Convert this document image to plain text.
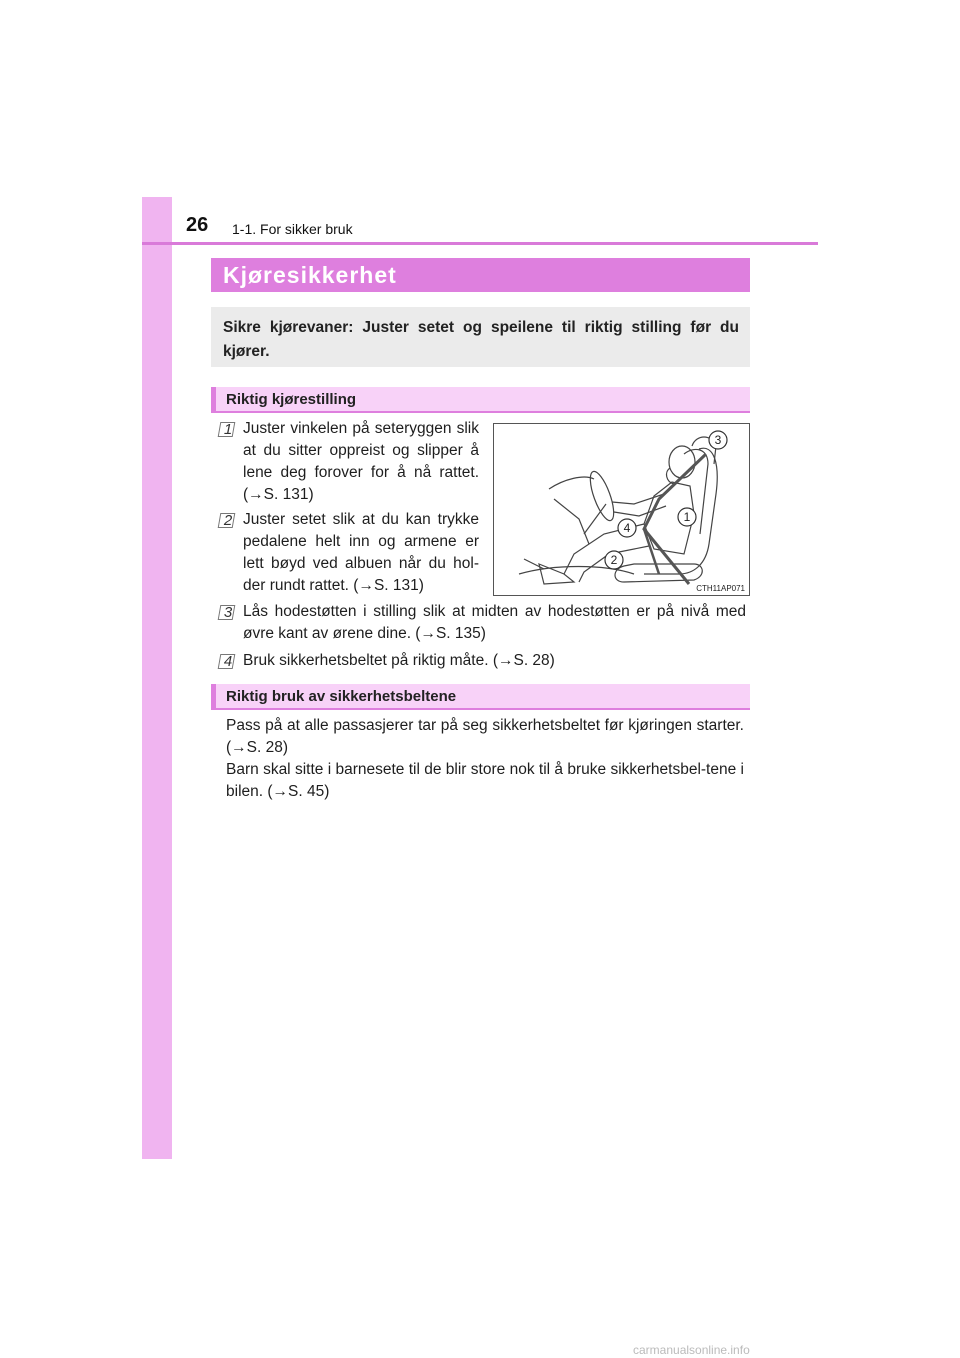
26 1-1. For sikker bruk
Kjøresikkerhet
Sikre kjørevaner: Juster setet og speilene til riktig stilling før du kjører.
Riktig kjørestilling
1 Juster vinkelen på seteryggen slik at du sitter oppreist og slipper å lene deg forover for å nå rattet. (→S. 131)
2 Juster setet slik at du kan trykke pedalene helt inn og armene er lett bøyd ved albuen når du hol-der rundt rattet. (→S. 131)
3
1
2
4
CTH11AP071
3 Lås hodestøtten i stilling slik at midten av hodestøtten er på nivå med øvre kant av ørene dine. (→S. 135)
4 Bruk sikkerhetsbeltet på riktig måte. (→S. 28)
Riktig bruk av sikkerhetsbeltene
Pass på at alle passasjerer tar på seg sikkerhetsbeltet før kjøringen starter. (→S. 28)
Barn skal sitte i barnesete til de blir store nok til å bruke sikkerhetsbel-tene i bilen. (→S. 45)
carmanualsonline.info
